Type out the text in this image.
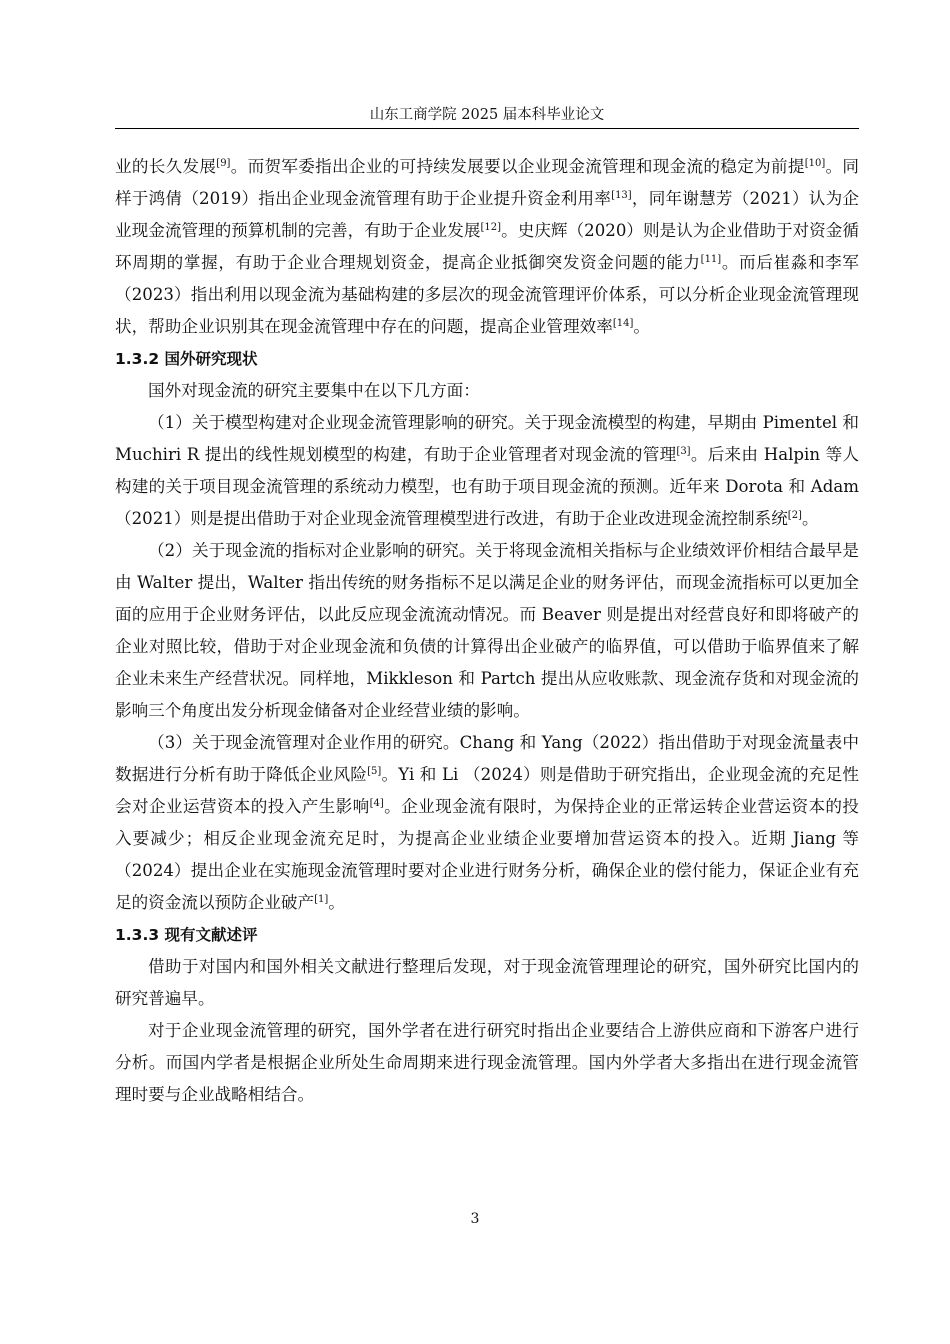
山东工商学院 2025 届本科毕业论文

业的长久发展[9]。而贺军委指出企业的可持续发展要以企业现金流管理和现金流的稳定为前提[10]。同样于鸿倩（2019）指出企业现金流管理有助于企业提升资金利用率[13]，同年谢慧芳（2021）认为企业现金流管理的预算机制的完善，有助于企业发展[12]。史庆辉（2020）则是认为企业借助于对资金循环周期的掌握，有助于企业合理规划资金，提高企业抵御突发资金问题的能力[11]。而后崔淼和李军（2023）指出利用以现金流为基础构建的多层次的现金流管理评价体系，可以分析企业现金流管理现状，帮助企业识别其在现金流管理中存在的问题，提高企业管理效率[14]。

1.3.2 国外研究现状

国外对现金流的研究主要集中在以下几方面：

（1）关于模型构建对企业现金流管理影响的研究。关于现金流模型的构建，早期由 Pimentel 和 Muchiri R 提出的线性规划模型的构建，有助于企业管理者对现金流的管理[3]。后来由 Halpin 等人构建的关于项目现金流管理的系统动力模型，也有助于项目现金流的预测。近年来 Dorota 和 Adam（2021）则是提出借助于对企业现金流管理模型进行改进，有助于企业改进现金流控制系统[2]。

（2）关于现金流的指标对企业影响的研究。关于将现金流相关指标与企业绩效评价相结合最早是由 Walter 提出，Walter 指出传统的财务指标不足以满足企业的财务评估，而现金流指标可以更加全面的应用于企业财务评估，以此反应现金流流动情况。而 Beaver 则是提出对经营良好和即将破产的企业对照比较，借助于对企业现金流和负债的计算得出企业破产的临界值，可以借助于临界值来了解企业未来生产经营状况。同样地，Mikkleson 和 Partch 提出从应收账款、现金流存货和对现金流的影响三个角度出发分析现金储备对企业经营业绩的影响。

（3）关于现金流管理对企业作用的研究。Chang 和 Yang（2022）指出借助于对现金流量表中数据进行分析有助于降低企业风险[5]。Yi 和 Li （2024）则是借助于研究指出，企业现金流的充足性会对企业运营资本的投入产生影响[4]。企业现金流有限时，为保持企业的正常运转企业营运资本的投入要减少；相反企业现金流充足时，为提高企业业绩企业要增加营运资本的投入。近期 Jiang 等（2024）提出企业在实施现金流管理时要对企业进行财务分析，确保企业的偿付能力，保证企业有充足的资金流以预防企业破产[1]。

1.3.3 现有文献述评

借助于对国内和国外相关文献进行整理后发现，对于现金流管理理论的研究，国外研究比国内的研究普遍早。

对于企业现金流管理的研究，国外学者在进行研究时指出企业要结合上游供应商和下游客户进行分析。而国内学者是根据企业所处生命周期来进行现金流管理。国内外学者大多指出在进行现金流管理时要与企业战略相结合。

3
